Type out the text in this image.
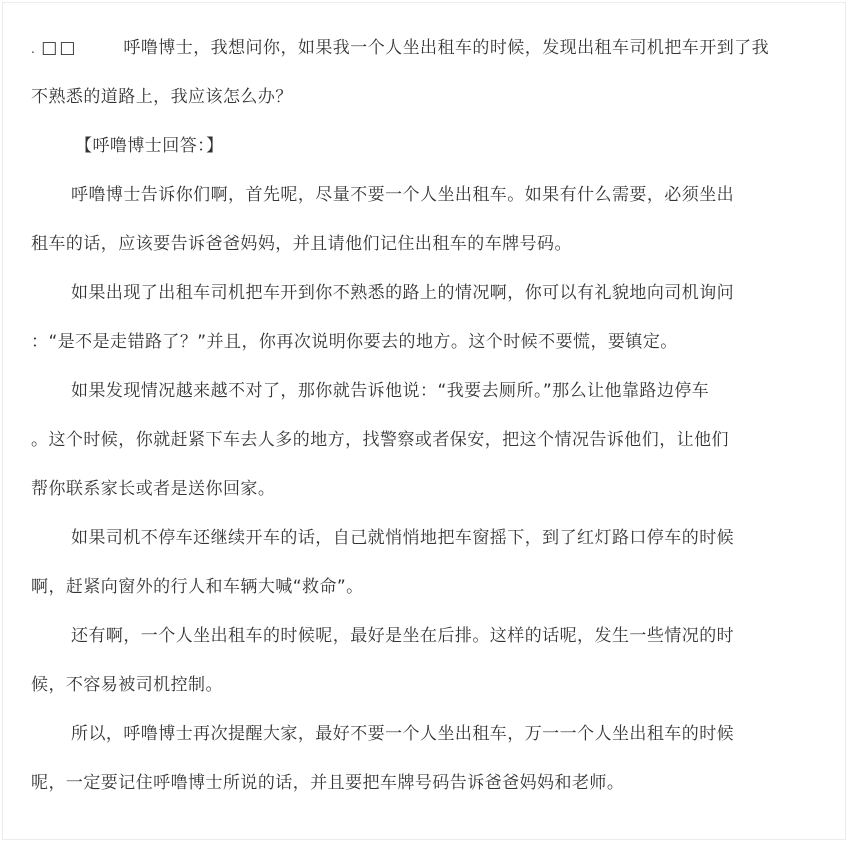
. □□	呼噜博士，我想问你，如果我一个人坐出租车的时候，发现出租车司机把车开到了我
不熟悉的道路上，我应该怎么办？
【呼噜博士回答：】
呼噜博士告诉你们啊，首先呢，尽量不要一个人坐出租车。如果有什么需要，必须坐出
租车的话，应该要告诉爸爸妈妈，并且请他们记住出租车的车牌号码。
如果出现了出租车司机把车开到你不熟悉的路上的情况啊，你可以有礼貌地向司机询问
：“是不是走错路了？”并且，你再次说明你要去的地方。这个时候不要慌，要镇定。
如果发现情况越来越不对了，那你就告诉他说：“我要去厕所。”那么让他靠路边停车
。这个时候，你就赶紧下车去人多的地方，找警察或者保安，把这个情况告诉他们，让他们
帮你联系家长或者是送你回家。
如果司机不停车还继续开车的话，自己就悄悄地把车窗摇下，到了红灯路口停车的时候
啊，赶紧向窗外的行人和车辆大喊“救命”。
还有啊，一个人坐出租车的时候呢，最好是坐在后排。这样的话呢，发生一些情况的时
候，不容易被司机控制。
所以，呼噜博士再次提醒大家，最好不要一个人坐出租车，万一一个人坐出租车的时候
呢，一定要记住呼噜博士所说的话，并且要把车牌号码告诉爸爸妈妈和老师。
